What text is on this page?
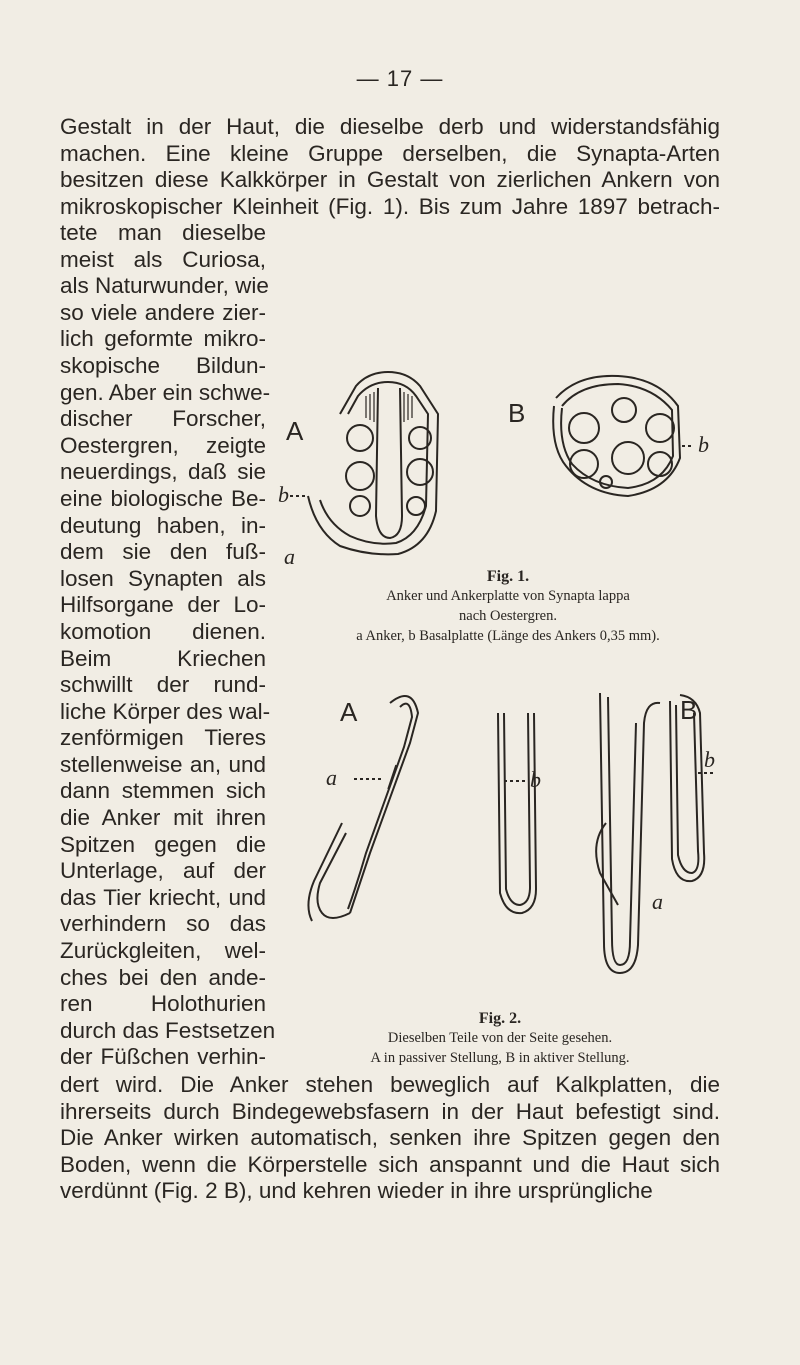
— 17 —
Gestalt in der Haut, die dieselbe derb und widerstandsfähig
machen. Eine kleine Gruppe derselben, die Synapta-Arten
besitzen diese Kalkkörper in Gestalt von zierlichen Ankern von
mikroskopischer Kleinheit (Fig. 1). Bis zum Jahre 1897 betrach-
tete man dieselbe
meist als Curiosa,
als Naturwunder, wie
so viele andere zier-
lich geformte mikro-
skopische Bildun-
gen. Aber ein schwe-
discher Forscher,
Oestergren, zeigte
neuerdings, daß sie
eine biologische Be-
deutung haben, in-
dem sie den fuß-
losen Synapten als
Hilfsorgane der Lo-
komotion dienen.
Beim Kriechen
schwillt der rund-
liche Körper des wal-
zenförmigen Tieres
stellenweise an, und
dann stemmen sich
die Anker mit ihren
Spitzen gegen die
Unterlage, auf der
das Tier kriecht, und
verhindern so das
Zurückgleiten, wel-
ches bei den ande-
ren Holothurien
durch das Festsetzen
der Füßchen verhin-
dert wird. Die Anker stehen beweglich auf Kalkplatten, die
ihrerseits durch Bindegewebsfasern in der Haut befestigt sind.
Die Anker wirken automatisch, senken ihre Spitzen gegen den
Boden, wenn die Körperstelle sich anspannt und die Haut sich
verdünnt (Fig. 2 B), und kehren wieder in ihre ursprüngliche
A
B
b
b
a
Fig. 1.
Anker und Ankerplatte von Synapta lappa
nach Oestergren.
a Anker, b Basalplatte (Länge des Ankers 0,35 mm).
A	B
a	b
b
a
Fig. 2.
Dieselben Teile von der Seite gesehen.
A in passiver Stellung, B in aktiver Stellung.
